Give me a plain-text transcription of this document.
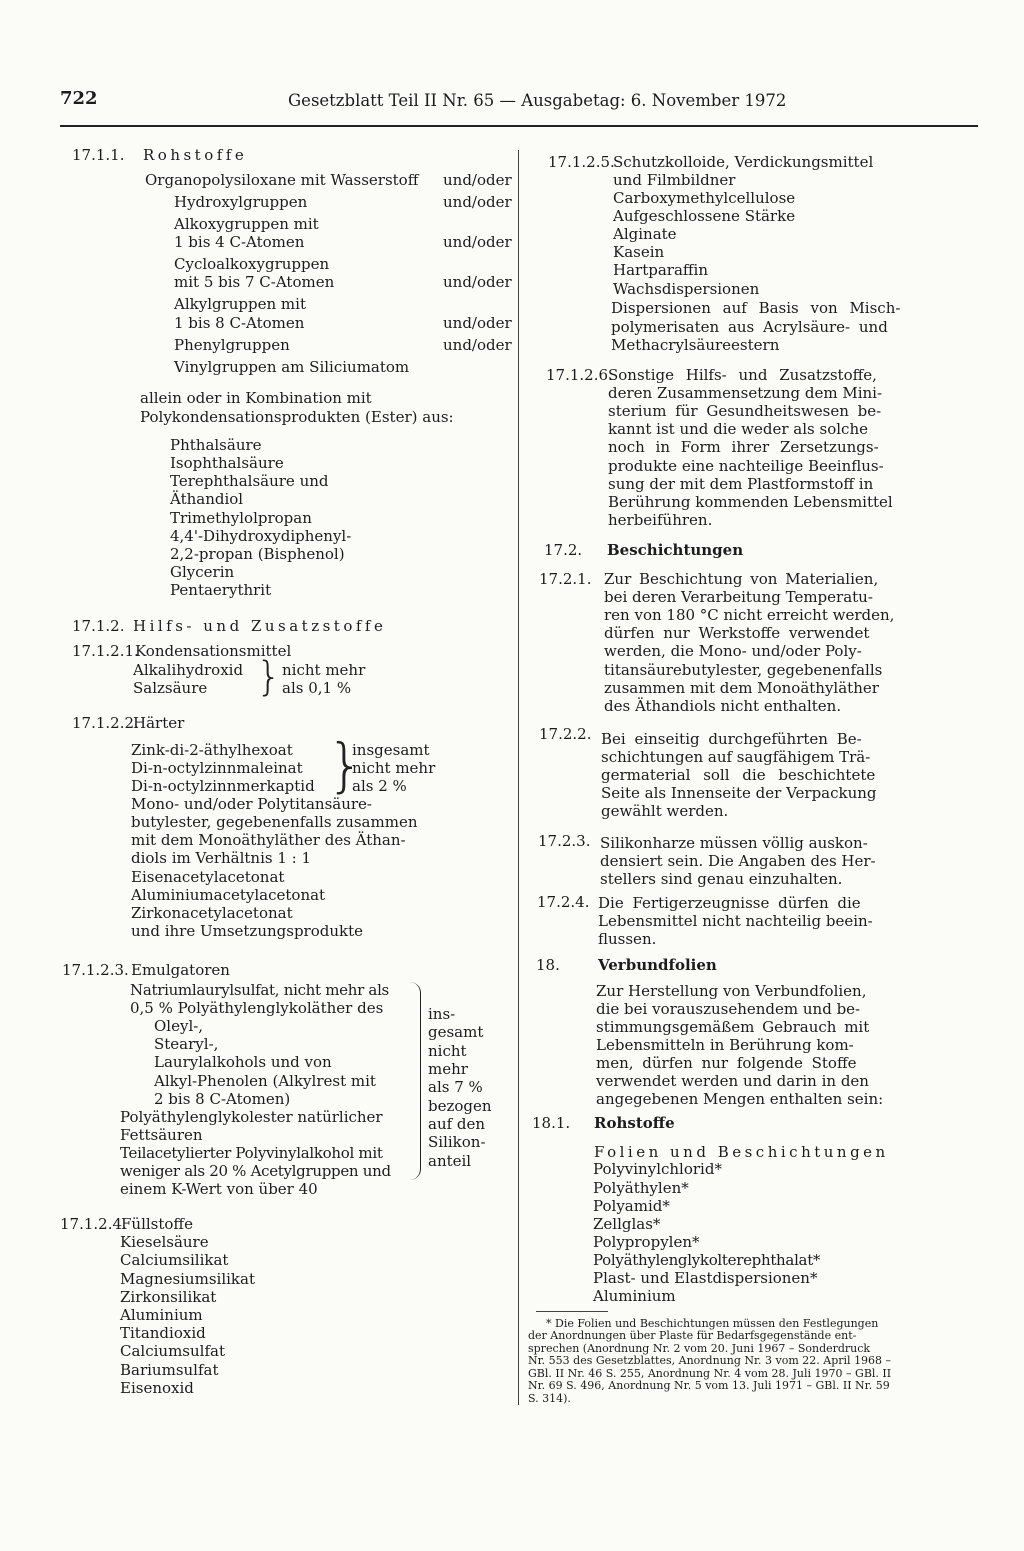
722	Gesetzblatt Teil II Nr. 65 — Ausgabetag: 6. November 1972
17.1.1. Rohstoffe
Organopolysiloxane mit Wasserstoff und/oder
Hydroxylgruppen	und/oder
Alkoxygruppen mit
1 bis 4 C-Atomen	und/oder
Cycloalkoxygruppen
mit 5 bis 7 C-Atomen	und/oder
Alkylgruppen mit
1 bis 8 C-Atomen	und/oder
Phenylgruppen	und/oder
Vinylgruppen am Siliciumatom
allein oder in Kombination mit
Polykondensationsprodukten (Ester) aus:
Phthalsäure
Isophthalsäure
Terephthalsäure und
Äthandiol
Trimethylolpropan
4,4'-Dihydroxydiphenyl-
2,2-propan (Bisphenol)
Glycerin
Pentaerythrit
17.1.2. Hilfs- und Zusatzstoffe
17.1.2.1.
Kondensationsmittel
Alkalihydroxid
Salzsäure } nicht mehr
als 0,1 %
17.1.2.2.
Härter
Zink-di-2-äthylhexoat
Di-n-octylzinnmaleinat
Di-n-octylzinnmerkaptid }
insgesamt
nicht mehr
als 2 %
Mono- und/oder Polytitansäure-
butylester, gegebenenfalls zusammen
mit dem Monoäthyläther des Äthan-
diols im Verhältnis 1 : 1
Eisenacetylacetonat
Aluminiumacetylacetonat
Zirkonacetylacetonat
und ihre Umsetzungsprodukte
17.1.2.3. Emulgatoren
Natriumlaurylsulfat, nicht mehr als
0,5 % Polyäthylenglykoläther des
Oleyl-,
Stearyl-,
Laurylalkohols und von
Alkyl-Phenolen (Alkylrest mit
2 bis 8 C-Atomen)
Polyäthylenglykolester natürlicher
Fettsäuren
Teilacetylierter Polyvinylalkohol mit
weniger als 20 % Acetylgruppen und
einem K-Wert von über 40
ins-
gesamt
nicht
mehr
als 7 %
bezogen
auf den
Silikon-
anteil
17.1.2.4.
Füllstoffe
Kieselsäure
Calciumsilikat
Magnesiumsilikat
Zirkonsilikat
Aluminium
Titandioxid
Calciumsulfat
Bariumsulfat
Eisenoxid
17.1.2.5.
Schutzkolloide, Verdickungsmittel
und Filmbildner
Carboxymethylcellulose
Aufgeschlossene Stärke
Alginate
Kasein
Hartparaffin
Wachsdispersionen
Dispersionen auf Basis von Misch-
polymerisaten aus Acrylsäure- und
Methacrylsäureestern
17.1.2.6.
Sonstige Hilfs- und Zusatzstoffe,
deren Zusammensetzung dem Mini-
sterium für Gesundheitswesen be-
kannt ist und die weder als solche
noch in Form ihrer Zersetzungs-
produkte eine nachteilige Beeinflus-
sung der mit dem Plastformstoff in
Berührung kommenden Lebensmittel
herbeiführen.
17.2. Beschichtungen
17.2.1. Zur Beschichtung von Materialien,
bei deren Verarbeitung Temperatu-
ren von 180 °C nicht erreicht werden,
dürfen nur Werkstoffe verwendet
werden, die Mono- und/oder Poly-
titansäurebutylester, gegebenenfalls
zusammen mit dem Monoäthyläther
des Äthandiols nicht enthalten.
17.2.2. Bei einseitig durchgeführten Be-
schichtungen auf saugfähigem Trä-
germaterial soll die beschichtete
Seite als Innenseite der Verpackung
gewählt werden.
17.2.3. Silikonharze müssen völlig auskon-
densiert sein. Die Angaben des Her-
stellers sind genau einzuhalten.
17.2.4. Die Fertigerzeugnisse dürfen die
Lebensmittel nicht nachteilig beein-
flussen.
18.	Verbundfolien
Zur Herstellung von Verbundfolien,
die bei vorauszusehendem und be-
stimmungsgemäßem Gebrauch mit
Lebensmitteln in Berührung kom-
men, dürfen nur folgende Stoffe
verwendet werden und darin in den
angegebenen Mengen enthalten sein:
18.1. Rohstoffe
Folien und Beschichtungen
Polyvinylchlorid*
Polyäthylen*
Polyamid*
Zellglas*
Polypropylen*
Polyäthylenglykolterephthalat*
Plast- und Elastdispersionen*
Aluminium
* Die Folien und Beschichtungen müssen den Festlegungen
der Anordnungen über Plaste für Bedarfsgegenstände ent-
sprechen (Anordnung Nr. 2 vom 20. Juni 1967 – Sonderdruck
Nr. 553 des Gesetzblattes, Anordnung Nr. 3 vom 22. April 1968 –
GBl. II Nr. 46 S. 255, Anordnung Nr. 4 vom 28. Juli 1970 – GBl. II
Nr. 69 S. 496, Anordnung Nr. 5 vom 13. Juli 1971 – GBl. II Nr. 59
S. 314).
